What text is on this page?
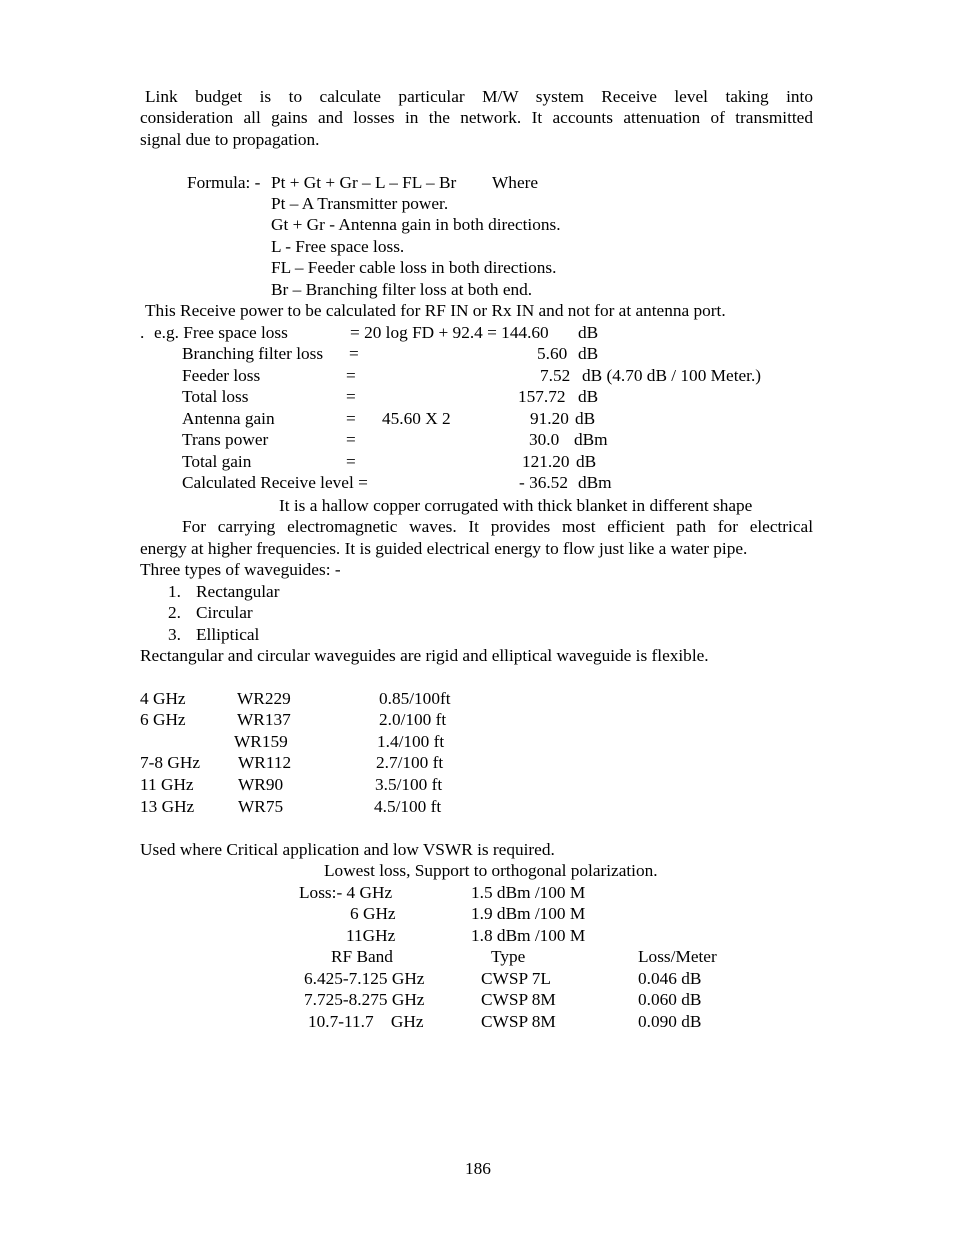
Link budget is to calculate particular M/W system Receive level taking into
consideration all gains and losses in the network. It accounts attenuation of transmitted
signal due to propagation.
Formula: - Pt + Gt + Gr – L – FL – Br Where
Pt – A Transmitter power.
Gt + Gr - Antenna gain in both directions.
L - Free space loss.
FL – Feeder cable loss in both directions.
Br – Branching filter loss at both end.
This Receive power to be calculated for RF IN or Rx IN and not for at antenna port.
. e.g. Free space loss	= 20 log FD + 92.4 = 144.60 dB
Branching filter loss =	5.60 dB
Feeder loss	=	7.52 dB (4.70 dB / 100 Meter.)
Total loss	=	157.72 dB
Antenna gain	= 45.60 X 2	91.20 dB
Trans power	=	30.0 dBm
Total gain	=	121.20 dB
Calculated Receive level =	- 36.52 dBm
It is a hallow copper corrugated with thick blanket in different shape
For carrying electromagnetic waves. It provides most efficient path for electrical
energy at higher frequencies. It is guided electrical energy to flow just like a water pipe.
Three types of waveguides: -
1. Rectangular
2. Circular
3. Elliptical
Rectangular and circular waveguides are rigid and elliptical waveguide is flexible.
4 GHz	WR229	0.85/100ft
6 GHz	WR137	2.0/100 ft
WR159	1.4/100 ft
7-8 GHz WR112	2.7/100 ft
11 GHz	WR90	3.5/100 ft
13 GHz	WR75	4.5/100 ft
Used where Critical application and low VSWR is required.
Lowest loss, Support to orthogonal polarization.
Loss:- 4 GHz	1.5 dBm /100 M
6 GHz	1.9 dBm /100 M
11GHz	1.8 dBm /100 M
RF Band	Type	Loss/Meter
6.425-7.125 GHz	CWSP 7L	0.046 dB
7.725-8.275 GHz	CWSP 8M	0.060 dB
10.7-11.7    GHz	CWSP 8M	0.090 dB
186
